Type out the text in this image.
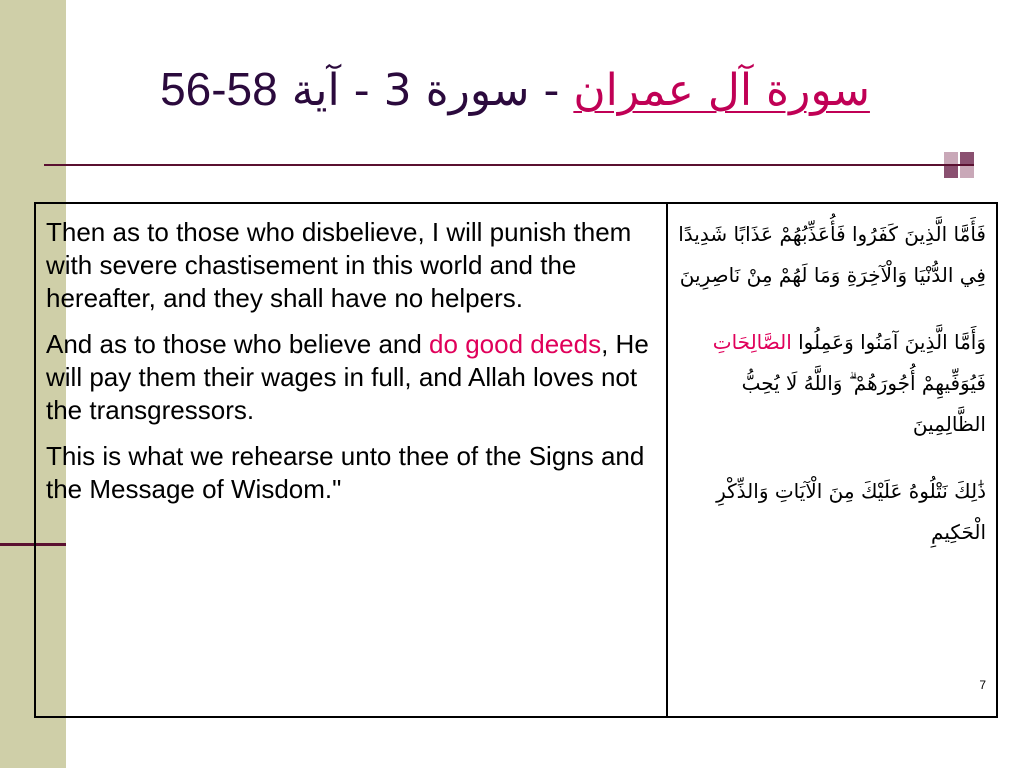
سورة آل عمران - سورة 3 - آية 56-58

Then as to those who disbelieve, I will punish them with severe chastisement in this world and the hereafter, and they shall have no helpers.

And as to those who believe and do good deeds, He will pay them their wages in full, and Allah loves not the transgressors.

This is what we rehearse unto thee of the Signs and the Message of Wisdom."

فَأَمَّا الَّذِينَ كَفَرُوا فَأُعَذِّبُهُمْ عَذَابًا شَدِيدًا فِي الدُّنْيَا وَالْآخِرَةِ وَمَا لَهُمْ مِنْ نَاصِرِينَ

وَأَمَّا الَّذِينَ آمَنُوا وَعَمِلُوا الصَّالِحَاتِ فَيُوَفِّيهِمْ أُجُورَهُمْ ۗ وَاللَّهُ لَا يُحِبُّ الظَّالِمِينَ

ذَٰلِكَ نَتْلُوهُ عَلَيْكَ مِنَ الْآيَاتِ وَالذِّكْرِ الْحَكِيمِ

7
